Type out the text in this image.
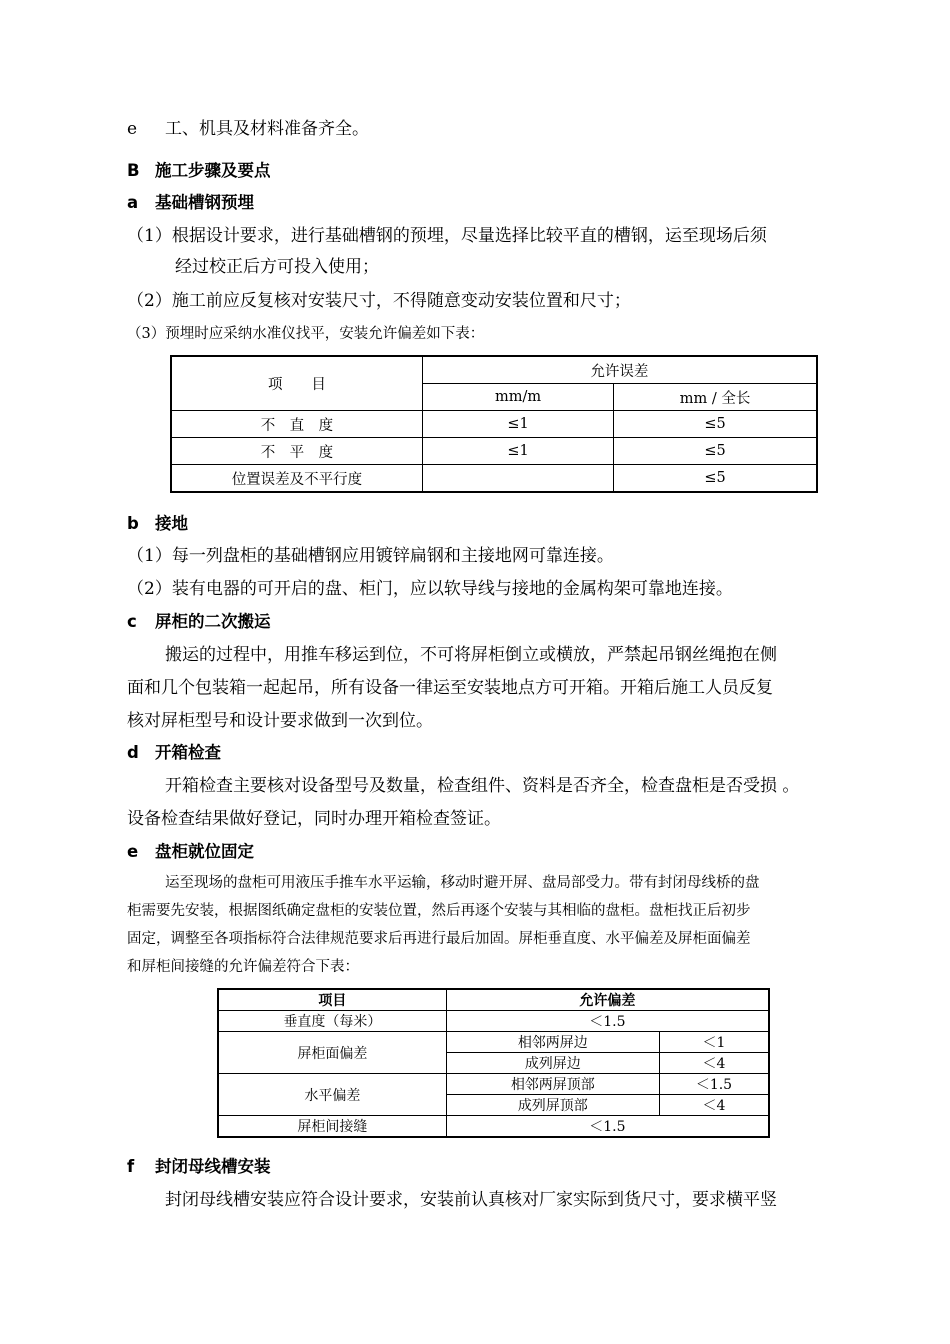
e 工、机具及材料准备齐全。
B 施工步骤及要点
a 基础槽钢预埋
（1）根据设计要求，进行基础槽钢的预埋，尽量选择比较平直的槽钢，运至现场后须
经过校正后方可投入使用；
（2）施工前应反复核对安装尺寸，不得随意变动安装位置和尺寸；
（3）预埋时应采纳水准仪找平，安装允许偏差如下表：
项　　目	允许误差	
	mm/m	mm / 全长
不　直　度	≤1	≤5
不　平　度	≤1	≤5
位置误差及不平行度		≤5
b 接地
（1）每一列盘柜的基础槽钢应用镀锌扁钢和主接地网可靠连接。
（2）装有电器的可开启的盘、柜门，应以软导线与接地的金属构架可靠地连接。
c 屏柜的二次搬运
搬运的过程中，用推车移运到位，不可将屏柜倒立或横放，严禁起吊钢丝绳抱在侧
面和几个包装箱一起起吊，所有设备一律运至安装地点方可开箱。开箱后施工人员反复
核对屏柜型号和设计要求做到一次到位。
d 开箱检查
开箱检查主要核对设备型号及数量，检查组件、资料是否齐全，检查盘柜是否受损 。
设备检查结果做好登记，同时办理开箱检查签证。
e 盘柜就位固定
运至现场的盘柜可用液压手推车水平运输，移动时避开屏、盘局部受力。带有封闭母线桥的盘
柜需要先安装，根据图纸确定盘柜的安装位置，然后再逐个安装与其相临的盘柜。盘柜找正后初步
固定，调整至各项指标符合法律规范要求后再进行最后加固。屏柜垂直度、水平偏差及屏柜面偏差
和屏柜间接缝的允许偏差符合下表：
项目	允许偏差	
垂直度（每米）	＜1.5	
屏柜面偏差	相邻两屏边	＜1
	成列屏边	＜4
水平偏差	相邻两屏顶部	＜1.5
	成列屏顶部	＜4
屏柜间接缝	＜1.5	
f 封闭母线槽安装
封闭母线槽安装应符合设计要求，安装前认真核对厂家实际到货尺寸，要求横平竖
